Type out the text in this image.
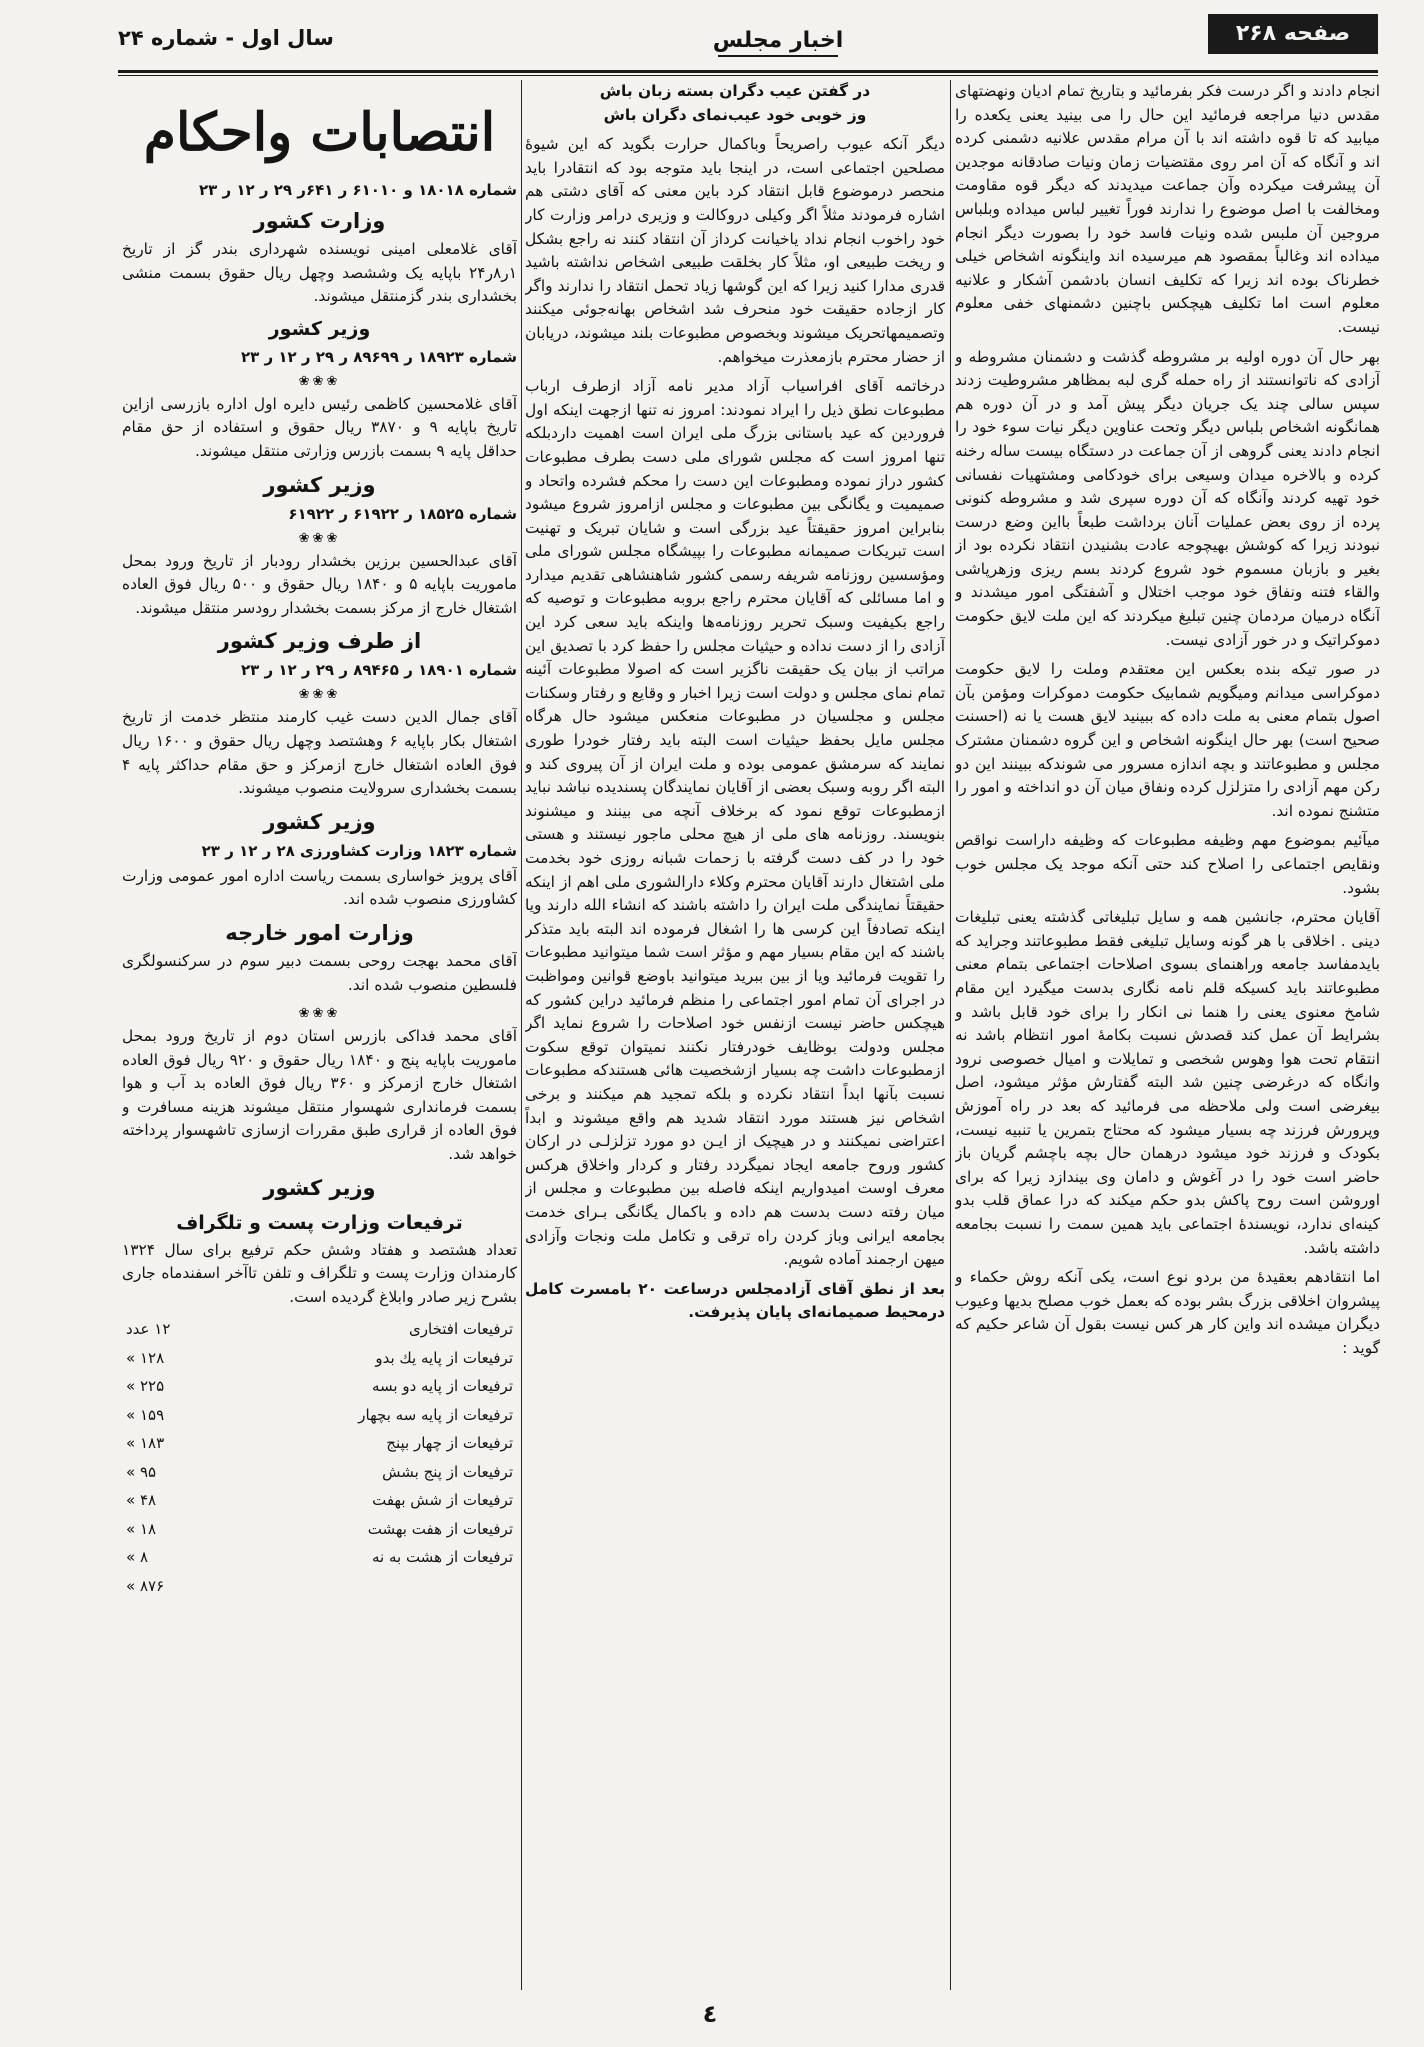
سال اول - شماره ۲۴	اخبار مجلس	صفحه ۲۶۸

انجام دادند و اگر درست فکر بفرمائید و بتاریخ تمام ادیان ونهضتهای مقدس دنیا مراجعه فرمائید این حال را می بینید یعنی یکعده را میابید که تا قوه داشته اند با آن مرام مقدس علانیه دشمنی کرده اند و آنگاه که آن امر روی مقتضیات زمان ونیات صادقانه موجدین آن پیشرفت میکرده وآن جماعت میدیدند که دیگر قوه مقاومت ومخالفت با اصل موضوع را ندارند فوراً تغییر لباس میداده وبلباس مروجین آن ملبس شده ونیات فاسد خود را بصورت دیگر انجام میداده اند وغالباً بمقصود هم میرسیده اند واینگونه اشخاص خیلی خطرناک بوده اند زیرا که تکلیف انسان بادشمن آشکار و علانیه معلوم است اما تکلیف هیچکس باچنین دشمنهای خفی معلوم نیست.

بهر حال آن دوره اولیه بر مشروطه گذشت و دشمنان مشروطه و آزادی که ناتوانستند از راه حمله گری لبه بمظاهر مشروطیت زدند سپس سالی چند یک جریان دیگر پیش آمد و در آن دوره هم همانگونه اشخاص بلباس دیگر وتحت عناوین دیگر نیات سوء خود را انجام دادند یعنی گروهی از آن جماعت در دستگاه بیست ساله رخنه کرده و بالاخره میدان وسیعی برای خودکامی ومشتهیات نفسانی خود تهیه کردند وآنگاه که آن دوره سپری شد و مشروطه کنونی پرده از روی بعض عملیات آنان برداشت طبعاً بااین وضع درست نبودند زیرا که کوشش بهیچوجه عادت بشنیدن انتقاد نکرده بود از بغیر و بازبان مسموم خود شروع کردند بسم ریزی وزهرپاشی والقاء فتنه ونفاق خود موجب اختلال و آشفتگی امور میشدند و آنگاه درمیان مردمان چنین تبلیغ میکردند که این ملت لایق حکومت دموکراتیک و در خور آزادی نیست.

در صور تیکه بنده بعکس این معتقدم وملت را لایق حکومت دموکراسی میدانم ومیگویم شمابیک حکومت دموکرات ومؤمن بآن اصول بتمام معنی به ملت داده که ببینید لایق هست یا نه (احسنت صحیح است) بهر حال اینگونه اشخاص و این گروه دشمنان مشترک مجلس و مطبوعاتند و بچه اندازه مسرور می شوندکه ببینند این دو رکن مهم آزادی را متزلزل کرده ونفاق میان آن دو انداخته و امور را متشنج نموده اند.

میآئیم بموضوع مهم وظیفه مطبوعات که وظیفه داراست نواقص ونقایص اجتماعی را اصلاح کند حتی آنکه موجد یک مجلس خوب بشود.

آقایان محترم، جانشین همه و سایل تبلیغاتی گذشته یعنی تبلیغات دینی . اخلاقی با هر گونه وسایل تبلیغی فقط مطبوعاتند وجراید که بایدمفاسد جامعه وراهنمای بسوی اصلاحات اجتماعی بتمام معنی مطبوعاتند باید کسیکه قلم نامه نگاری بدست میگیرد این مقام شامخ معنوی یعنی را هنما نی انکار را برای خود قابل باشد و بشرایط آن عمل کند قصدش نسبت بکامهٔ امور انتظام باشد نه انتقام تحت هوا وهوس شخصی و تمایلات و امیال خصوصی نرود وانگاه که درغرضی چنین شد البته گفتارش مؤثر میشود، اصل بیغرضی است ولی ملاحظه می فرمائید که بعد در راه آموزش وپرورش فرزند چه بسیار میشود که محتاج بتمرین یا تنبیه نیست، بکودک و فرزند خود میشود درهمان حال بچه باچشم گریان باز حاضر است خود را در آغوش و دامان وی بیندازد زیرا که برای اوروشن است روح پاکش بدو حکم میکند که درا عماق قلب بدو کینه‌ای ندارد، نویسندهٔ اجتماعی باید همین سمت را نسبت بجامعه داشته باشد.

اما انتقادهم بعقیدهٔ من بردو نوع است، یکی آنکه روش حکماء و پیشروان اخلاقی بزرگ بشر بوده که بعمل خوب مصلح بدیها وعیوب دیگران میشده اند واین کار هر کس نیست بقول آن شاعر حکیم که گوید :

در گفتن عیب دگران بسته زبان باش

وز خوبی خود عیب‌نمای دگران باش

دیگر آنکه عیوب راصریحاً وباکمال حرارت بگوید که این شیوهٔ مصلحین اجتماعی است، در اینجا باید متوجه بود که انتقادرا باید منحصر درموضوع قابل انتقاد کرد باین معنی که آقای دشتی هم اشاره فرمودند مثلاً اگر وکیلی دروکالت و وزیری درامر وزارت کار خود راخوب انجام نداد یاخیانت کرداز آن انتقاد کنند نه راجع بشکل و ریخت طبیعی او، مثلاً کار بخلقت طبیعی اشخاص نداشته باشید قدری مدارا کنید زیرا که این گوشها زیاد تحمل انتقاد را ندارند واگر کار ازجاده حقیقت خود منحرف شد اشخاص بهانه‌جوئی میکنند وتصمیمهاتحریک میشوند وبخصوص مطبوعات بلند میشوند، دریابان از حضار محترم بازمعذرت میخواهم.

درخاتمه آقای افراسیاب آزاد مدیر نامه آزاد ازطرف ارباب مطبوعات نطق ذیل را ایراد نمودند: امروز نه تنها ازجهت اینکه اول فروردین که عید باستانی بزرگ ملی ایران است اهمیت داردبلکه تنها امروز است که مجلس شورای ملی دست بطرف مطبوعات کشور دراز نموده ومطبوعات این دست را محکم فشرده واتحاد و صمیمیت و یگانگی بین مطبوعات و مجلس ازامروز شروع میشود بنابراین امروز حقیقتاً عید بزرگی است و شایان تبریک و تهنیت است تبریکات صمیمانه مطبوعات را بپیشگاه مجلس شورای ملی ومؤسسین روزنامه شریفه رسمی کشور شاهنشاهی تقدیم میدارد و اما مسائلی که آقایان محترم راجع بروبه مطبوعات و توصیه که راجع بکیفیت وسبک تحریر روزنامه‌ها واینکه باید سعی کرد این آزادی را از دست نداده و حیثیات مجلس را حفظ کرد با تصدیق این مراتب از بیان یک حقیقت ناگزیر است که اصولا مطبوعات آئینه تمام نمای مجلس و دولت است زیرا اخبار و وقایع و رفتار وسکنات مجلس و مجلسیان در مطبوعات منعکس میشود حال هرگاه مجلس مایل بحفظ حیثیات است البته باید رفتار خودرا طوری نمایند که سرمشق عمومی بوده و ملت ایران از آن پیروی کند و البته اگر روبه وسبک بعضی از آقایان نمایندگان پسندیده نباشد نباید ازمطبوعات توقع نمود که برخلاف آنچه می بینند و میشنوند بنویسند. روزنامه های ملی از هیچ محلی ماجور نیستند و هستی خود را در کف دست گرفته با زحمات شبانه روزی خود بخدمت ملی اشتغال دارند آقایان محترم وکلاء دارالشوری ملی اهم از اینکه حقیقتاً نمایندگی ملت ایران را داشته باشند که انشاء الله دارند ویا اینکه تصادفاً این کرسی ها را اشغال فرموده اند البته باید متذکر باشند که این مقام بسیار مهم و مؤثر است شما میتوانید مطبوعات را تقویت فرمائید ویا از بین ببرید میتوانید باوضع قوانین ومواظبت در اجرای آن تمام امور اجتماعی را منظم فرمائید دراین کشور که هیچکس حاضر نیست ازنفس خود اصلاحات را شروع نماید اگر مجلس ودولت بوظایف خودرفتار نکنند نمیتوان توقع سکوت ازمطبوعات داشت چه بسیار ازشخصیت هائی هستندکه مطبوعات نسبت بآنها ابداً انتقاد نکرده و بلکه تمجید هم میکنند و برخی اشخاص نیز هستند مورد انتقاد شدید هم واقع میشوند و ابداً اعتراضی نمیکنند و در هیچیک از ایـن دو مورد تزلزلـی در ارکان کشور وروح جامعه ایجاد نمیگردد رفتار و کردار واخلاق هرکس معرف اوست امیدواریم اینکه فاصله بین مطبوعات و مجلس از میان رفته دست بدست هم داده و باکمال یگانگی بـرای خدمت بجامعه ایرانی وباز کردن راه ترقی و تکامل ملت ونجات وآزادی میهن ارجمند آماده شویم.

بعد از نطق آقای آزادمجلس درساعت ۲۰ بامسرت کامل درمحیط صمیمانه‌ای پایان پذیرفت.

انتصابات واحکام
شماره ۱۸۰۱۸ و ۶۱۰۱۰ ر ۶۴۱ر ۲۹ ر ۱۲ ر ۲۳
وزارت کشور

آقای غلامعلی امینی نویسنده شهرداری بندر گز از تاریخ ۱ر۸ر۲۴ باپایه یک وششصد وچهل ریال حقوق بسمت منشی بخشداری بندر گزمنتقل میشوند.

وزیر کشور
شماره ۱۸۹۲۳ ر ۸۹۶۹۹ ر ۲۹ ر ۱۲ ر ۲۳
❀❀❀

آقای غلامحسین کاظمی رئیس دایره اول اداره بازرسی ازاین تاریخ باپایه ۹ و ۳۸۷۰ ریال حقوق و استفاده از حق مقام حداقل پایه ۹ بسمت بازرس وزارتی منتقل میشوند.

وزیر کشور
شماره ۱۸۵۲۵ ر ۶۱۹۲۲ ر ۶۱۹۲۲
❀❀❀

آقای عبدالحسین برزین بخشدار رودبار از تاریخ ورود بمحل ماموریت باپایه ۵ و ۱۸۴۰ ریال حقوق و ۵۰۰ ریال فوق العاده اشتغال خارج از مرکز بسمت بخشدار رودسر منتقل میشوند.

از طرف وزیر کشور
شماره ۱۸۹۰۱ ر ۸۹۴۶۵ ر ۲۹ ر ۱۲ ر ۲۳
❀❀❀

آقای جمال الدین دست غیب کارمند منتظر خدمت از تاریخ اشتغال بکار باپایه ۶ وهشتصد وچهل ریال حقوق و ۱۶۰۰ ریال فوق العاده اشتغال خارج ازمرکز و حق مقام حداکثر پایه ۴ بسمت بخشداری سرولایت منصوب میشوند.

وزیر کشور
شماره ۱۸۲۳ وزارت کشاورزی ۲۸ ر ۱۲ ر ۲۳

آقای پرویز خواساری بسمت ریاست اداره امور عمومی وزارت کشاورزی منصوب شده اند.

وزارت امور خارجه

آقای محمد بهجت روحی بسمت دبیر سوم در سرکنسولگری فلسطین منصوب شده اند.

❀❀❀

آقای محمد فداکی بازرس استان دوم از تاریخ ورود بمحل ماموریت باپایه پنج و ۱۸۴۰ ریال حقوق و ۹۲۰ ریال فوق العاده اشتغال خارج ازمرکز و ۳۶۰ ریال فوق العاده بد آب و هوا بسمت فرمانداری شهسوار منتقل میشوند هزینه مسافرت و فوق العاده از قراری طبق مقررات ازسازی تاشهسوار پرداخته خواهد شد.

وزیر کشور
ترفیعات وزارت پست و تلگراف

تعداد هشتصد و هفتاد وشش حکم ترفیع برای سال ۱۳۲۴ کارمندان وزارت پست و تلگراف و تلفن تاآخر اسفندماه جاری بشرح زیر صادر وابلاغ گردیده است.

ترفیعات افتخاری	۱۲ عدد
ترفیعات از پایه یك بدو	۱۲۸ »
ترفیعات از پایه دو بسه	۲۲۵ »
ترفیعات از پایه سه بچهار	۱۵۹ »
ترفیعات از چهار بپنج	۱۸۳ »
ترفیعات از پنج بشش	۹۵ »
ترفیعات از شش بهفت	۴۸ »
ترفیعات از هفت بهشت	۱۸ »
ترفیعات از هشت به نه	۸ »
	۸۷۶ »
٤
